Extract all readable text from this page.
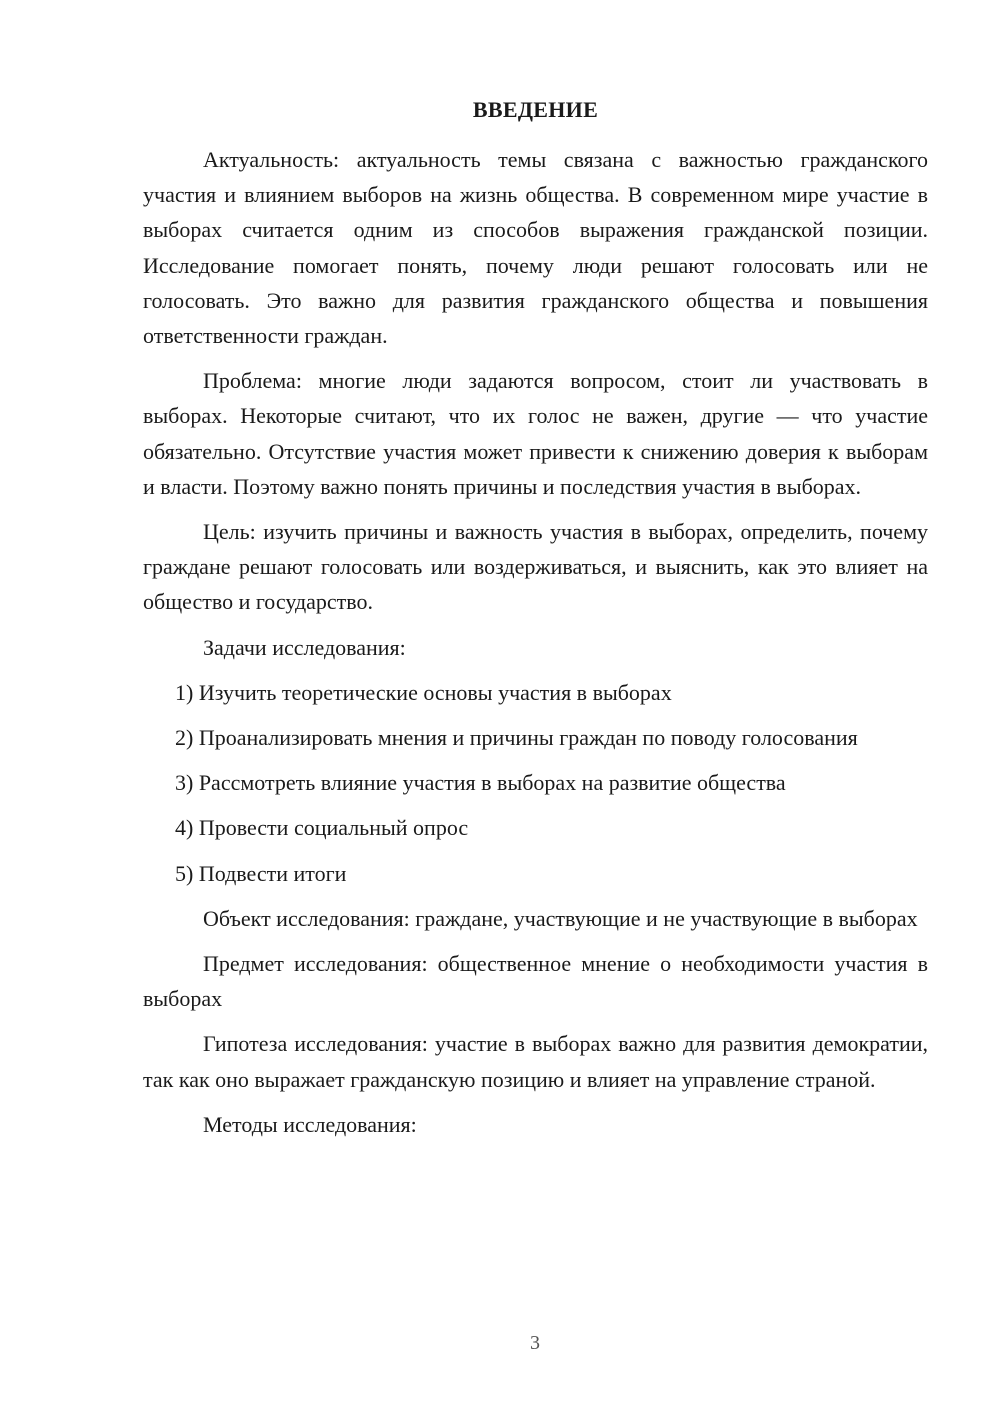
ВВЕДЕНИЕ

Актуальность: актуальность темы связана с важностью гражданского участия и влиянием выборов на жизнь общества. В современном мире участие в выборах считается одним из способов выражения гражданской позиции. Исследование помогает понять, почему люди решают голосовать или не голосовать. Это важно для развития гражданского общества и повышения ответственности граждан.

Проблема: многие люди задаются вопросом, стоит ли участвовать в выборах. Некоторые считают, что их голос не важен, другие — что участие обязательно. Отсутствие участия может привести к снижению доверия к выборам и власти. Поэтому важно понять причины и последствия участия в выборах.

Цель: изучить причины и важность участия в выборах, определить, почему граждане решают голосовать или воздерживаться, и выяснить, как это влияет на общество и государство.

Задачи исследования:

1) Изучить теоретические основы участия в выборах

2) Проанализировать мнения и причины граждан по поводу голосования

3) Рассмотреть влияние участия в выборах на развитие общества

4) Провести социальный опрос

5) Подвести итоги

Объект исследования: граждане, участвующие и не участвующие в выборах

Предмет исследования: общественное мнение о необходимости участия в выборах

Гипотеза исследования: участие в выборах важно для развития демократии, так как оно выражает гражданскую позицию и влияет на управление страной.

Методы исследования:

3
